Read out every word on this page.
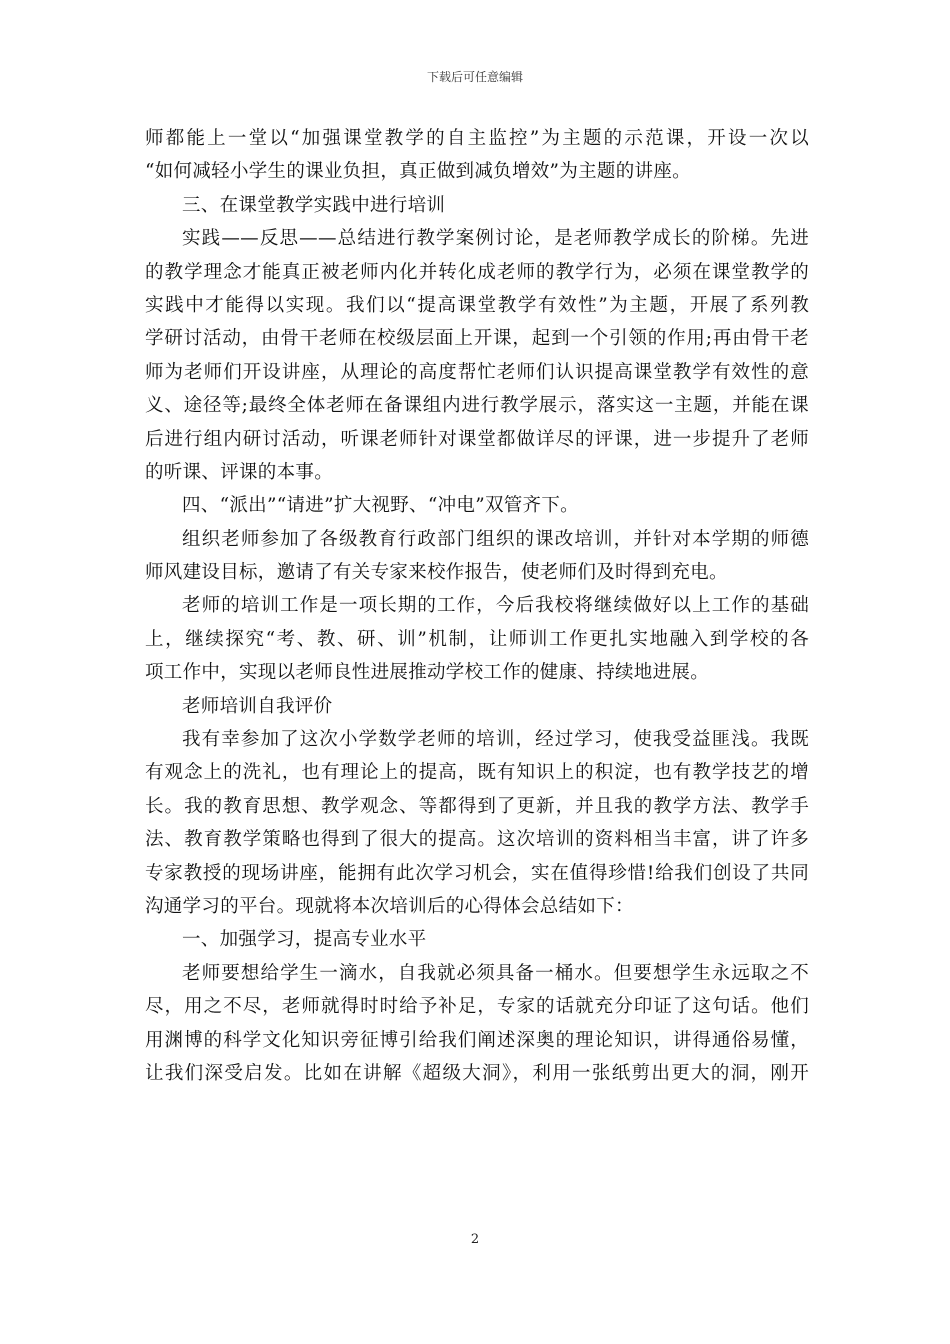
下载后可任意编辑
师都能上一堂以“加强课堂教学的自主监控”为主题的示范课，开设一次以
“如何减轻小学生的课业负担，真正做到减负增效”为主题的讲座。
三、在课堂教学实践中进行培训
实践——反思——总结进行教学案例讨论，是老师教学成长的阶梯。先进
的教学理念才能真正被老师内化并转化成老师的教学行为，必须在课堂教学的
实践中才能得以实现。我们以“提高课堂教学有效性”为主题，开展了系列教
学研讨活动，由骨干老师在校级层面上开课，起到一个引领的作用;再由骨干老
师为老师们开设讲座，从理论的高度帮忙老师们认识提高课堂教学有效性的意
义、途径等;最终全体老师在备课组内进行教学展示，落实这一主题，并能在课
后进行组内研讨活动，听课老师针对课堂都做详尽的评课，进一步提升了老师
的听课、评课的本事。
四、“派出”“请进”扩大视野、“冲电”双管齐下。
组织老师参加了各级教育行政部门组织的课改培训，并针对本学期的师德
师风建设目标，邀请了有关专家来校作报告，使老师们及时得到充电。
老师的培训工作是一项长期的工作，今后我校将继续做好以上工作的基础
上，继续探究“考、教、研、训”机制，让师训工作更扎实地融入到学校的各
项工作中，实现以老师良性进展推动学校工作的健康、持续地进展。
老师培训自我评价
我有幸参加了这次小学数学老师的培训，经过学习，使我受益匪浅。我既
有观念上的洗礼，也有理论上的提高，既有知识上的积淀，也有教学技艺的增
长。我的教育思想、教学观念、等都得到了更新，并且我的教学方法、教学手
法、教育教学策略也得到了很大的提高。这次培训的资料相当丰富，讲了许多
专家教授的现场讲座，能拥有此次学习机会，实在值得珍惜!给我们创设了共同
沟通学习的平台。现就将本次培训后的心得体会总结如下：
一、加强学习，提高专业水平
老师要想给学生一滴水，自我就必须具备一桶水。但要想学生永远取之不
尽，用之不尽，老师就得时时给予补足，专家的话就充分印证了这句话。他们
用渊博的科学文化知识旁征博引给我们阐述深奥的理论知识，讲得通俗易懂，
让我们深受启发。比如在讲解《超级大洞》，利用一张纸剪出更大的洞，刚开
2
